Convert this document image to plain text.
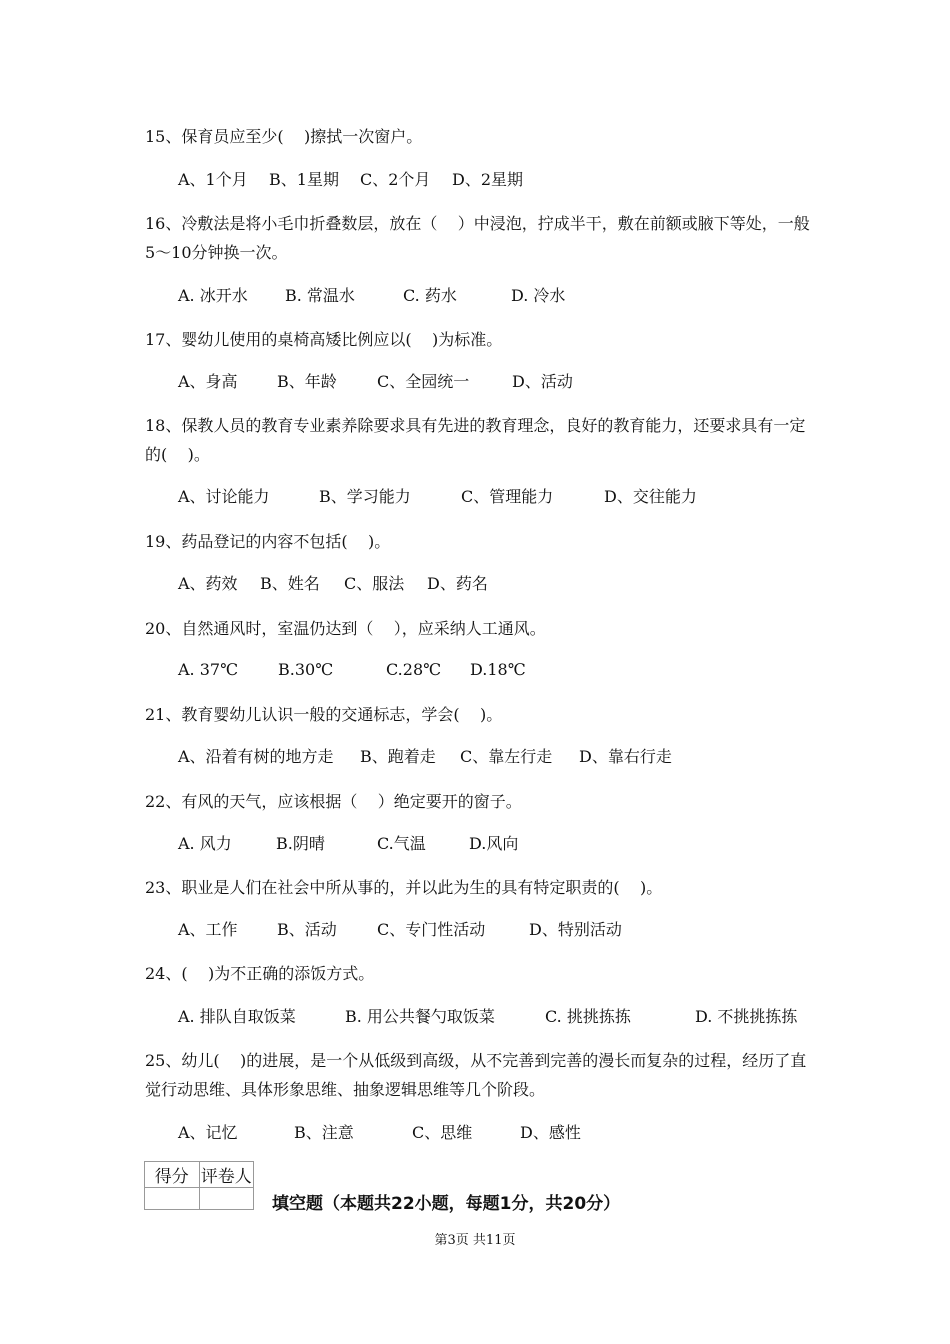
15、保育员应至少(    )擦拭一次窗户。
A、1个月 B、1星期 C、2个月 D、2星期
16、冷敷法是将小毛巾折叠数层，放在（    ）中浸泡，拧成半干，敷在前额或腋下等处，一般5～10分钟换一次。
A. 冰开水 B. 常温水	C. 药水	D. 冷水
17、婴幼儿使用的桌椅高矮比例应以(    )为标准。
A、身高 B、年龄	C、全园统一	D、活动
18、保教人员的教育专业素养除要求具有先进的教育理念，良好的教育能力，还要求具有一定的(    )。
A、讨论能力	B、学习能力	C、管理能力	D、交往能力
19、药品登记的内容不包括(    )。
A、药效 B、姓名 C、服法 D、药名
20、自然通风时，室温仍达到（    ），应采纳人工通风。
A. 37℃	B.30℃	C.28℃ D.18℃
21、教育婴幼儿认识一般的交通标志，学会(    )。
A、沿着有树的地方走 B、跑着走 C、靠左行走 D、靠右行走
22、有风的天气，应该根据（    ）绝定要开的窗子。
A. 风力	B.阴晴	C.气温	D.风向
23、职业是人们在社会中所从事的，并以此为生的具有特定职责的(    )。
A、工作 B、活动	C、专门性活动	D、特别活动
24、(    )为不正确的添饭方式。
A. 排队自取饭菜	B. 用公共餐勺取饭菜	C. 挑挑拣拣	D. 不挑挑拣拣
25、幼儿(    )的进展，是一个从低级到高级，从不完善到完善的漫长而复杂的过程，经历了直觉行动思维、具体形象思维、抽象逻辑思维等几个阶段。
A、记忆	B、注意	C、思维	D、感性
得分	评卷人

填空题（本题共22小题，每题1分，共20分）
第3页 共11页
